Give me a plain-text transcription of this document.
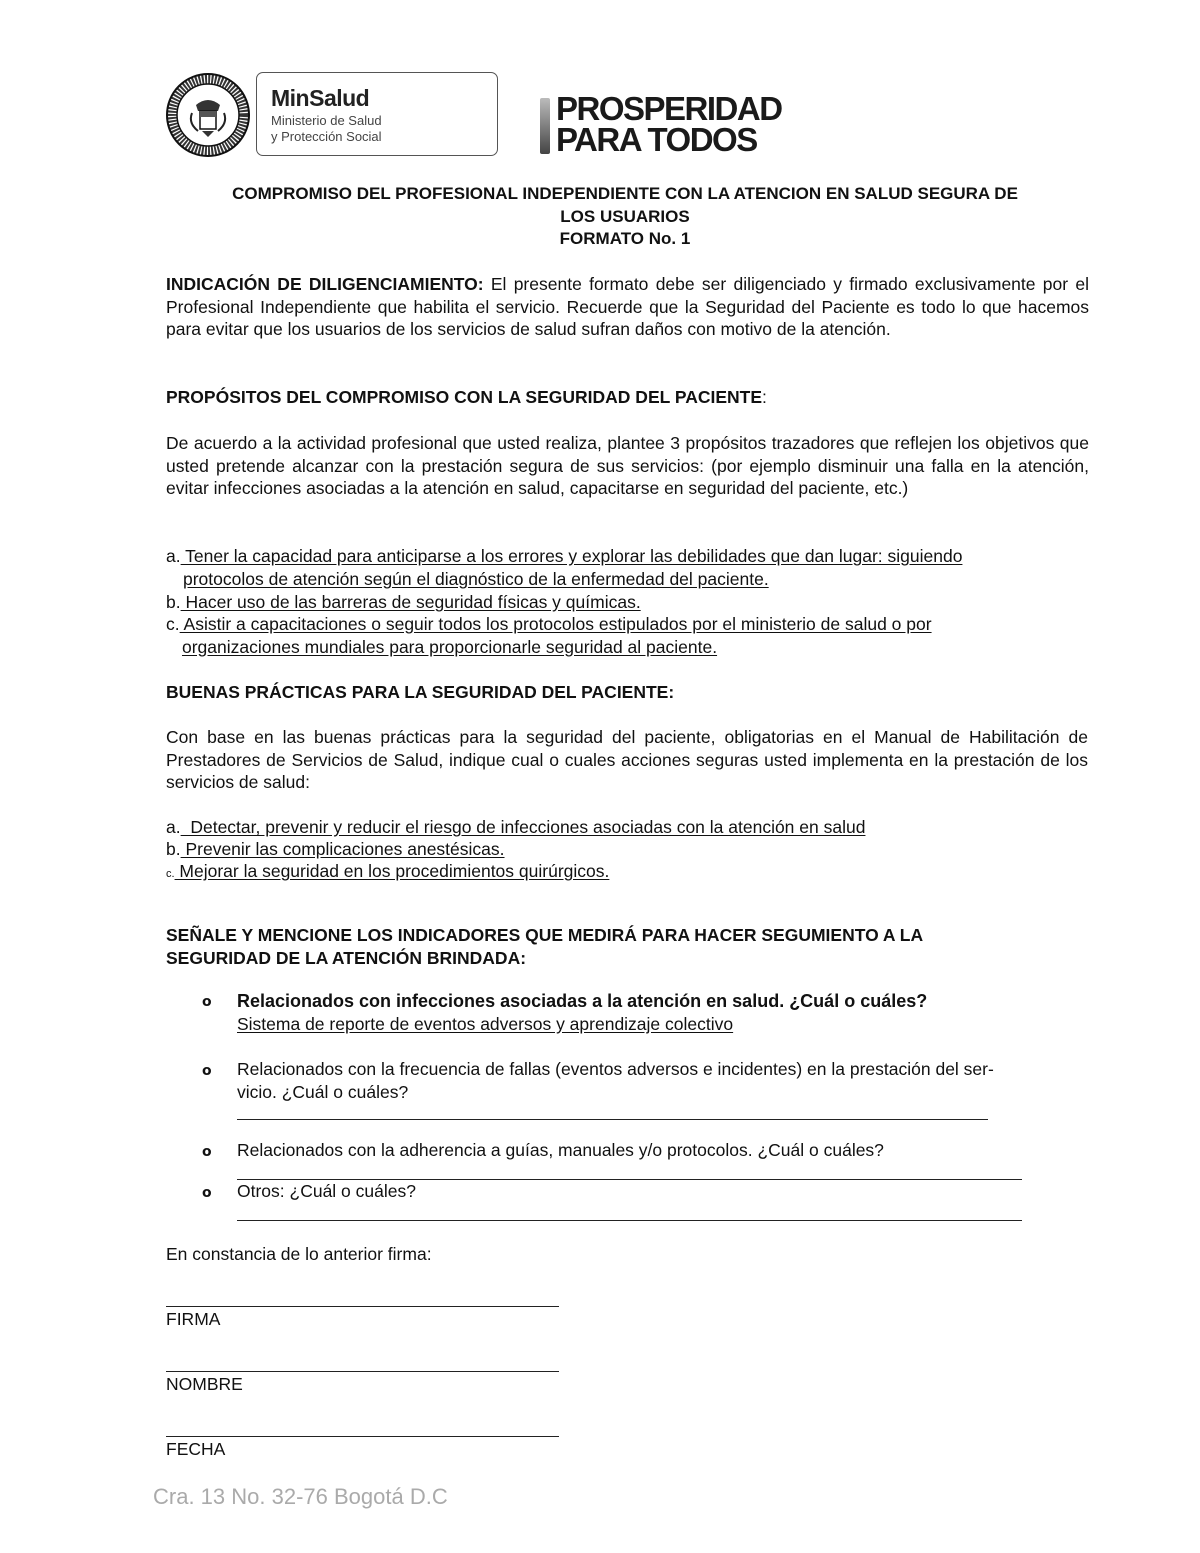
MinSalud
Ministerio de Salud
y Protección Social
PROSPERIDAD
PARA TODOS
COMPROMISO DEL PROFESIONAL INDEPENDIENTE CON LA ATENCION EN SALUD SEGURA DE
LOS USUARIOS
FORMATO No. 1
INDICACIÓN DE DILIGENCIAMIENTO: El presente formato debe ser diligenciado y firmado exclusivamente por el Profesional Independiente que habilita el servicio. Recuerde que la Seguridad del Paciente es todo lo que hacemos para evitar que los usuarios de los servicios de salud sufran daños con motivo de la atención.
PROPÓSITOS DEL COMPROMISO CON LA SEGURIDAD DEL PACIENTE:
De acuerdo a la actividad profesional que usted realiza, plantee 3 propósitos trazadores que reflejen los objetivos que usted pretende alcanzar con la prestación segura de sus servicios: (por ejemplo disminuir una falla en la atención, evitar infecciones asociadas a la atención en salud, capacitarse en seguridad del paciente, etc.)
a. Tener la capacidad para anticiparse a los errores y explorar las debilidades que dan lugar: siguiendo
protocolos de atención según el diagnóstico de la enfermedad del paciente.
b. Hacer uso de las barreras de seguridad físicas y químicas.
c. Asistir a capacitaciones o seguir todos los protocolos estipulados por el ministerio de salud o por
organizaciones mundiales para proporcionarle seguridad al paciente.
BUENAS PRÁCTICAS PARA LA SEGURIDAD DEL PACIENTE:
Con base en las buenas prácticas para la seguridad del paciente, obligatorias en el Manual de Habilitación de Prestadores de Servicios de Salud, indique cual o cuales acciones seguras usted implementa en la prestación de los servicios de salud:
a.  Detectar, prevenir y reducir el riesgo de infecciones asociadas con la atención en salud
b. Prevenir las complicaciones anestésicas.
c. Mejorar la seguridad en los procedimientos quirúrgicos.
SEÑALE Y MENCIONE LOS INDICADORES QUE MEDIRÁ PARA HACER SEGUMIENTO A LA
SEGURIDAD DE LA ATENCIÓN BRINDADA:
o Relacionados con infecciones asociadas a la atención en salud. ¿Cuál o cuáles?
Sistema de reporte de eventos adversos y aprendizaje colectivo
o Relacionados con la frecuencia de fallas (eventos adversos e incidentes) en la prestación del ser-
vicio. ¿Cuál o cuáles?
o Relacionados con la adherencia a guías, manuales y/o protocolos. ¿Cuál o cuáles?
o Otros: ¿Cuál o cuáles?
En constancia de lo anterior firma:
FIRMA
NOMBRE
FECHA
Cra. 13 No. 32-76 Bogotá D.C
